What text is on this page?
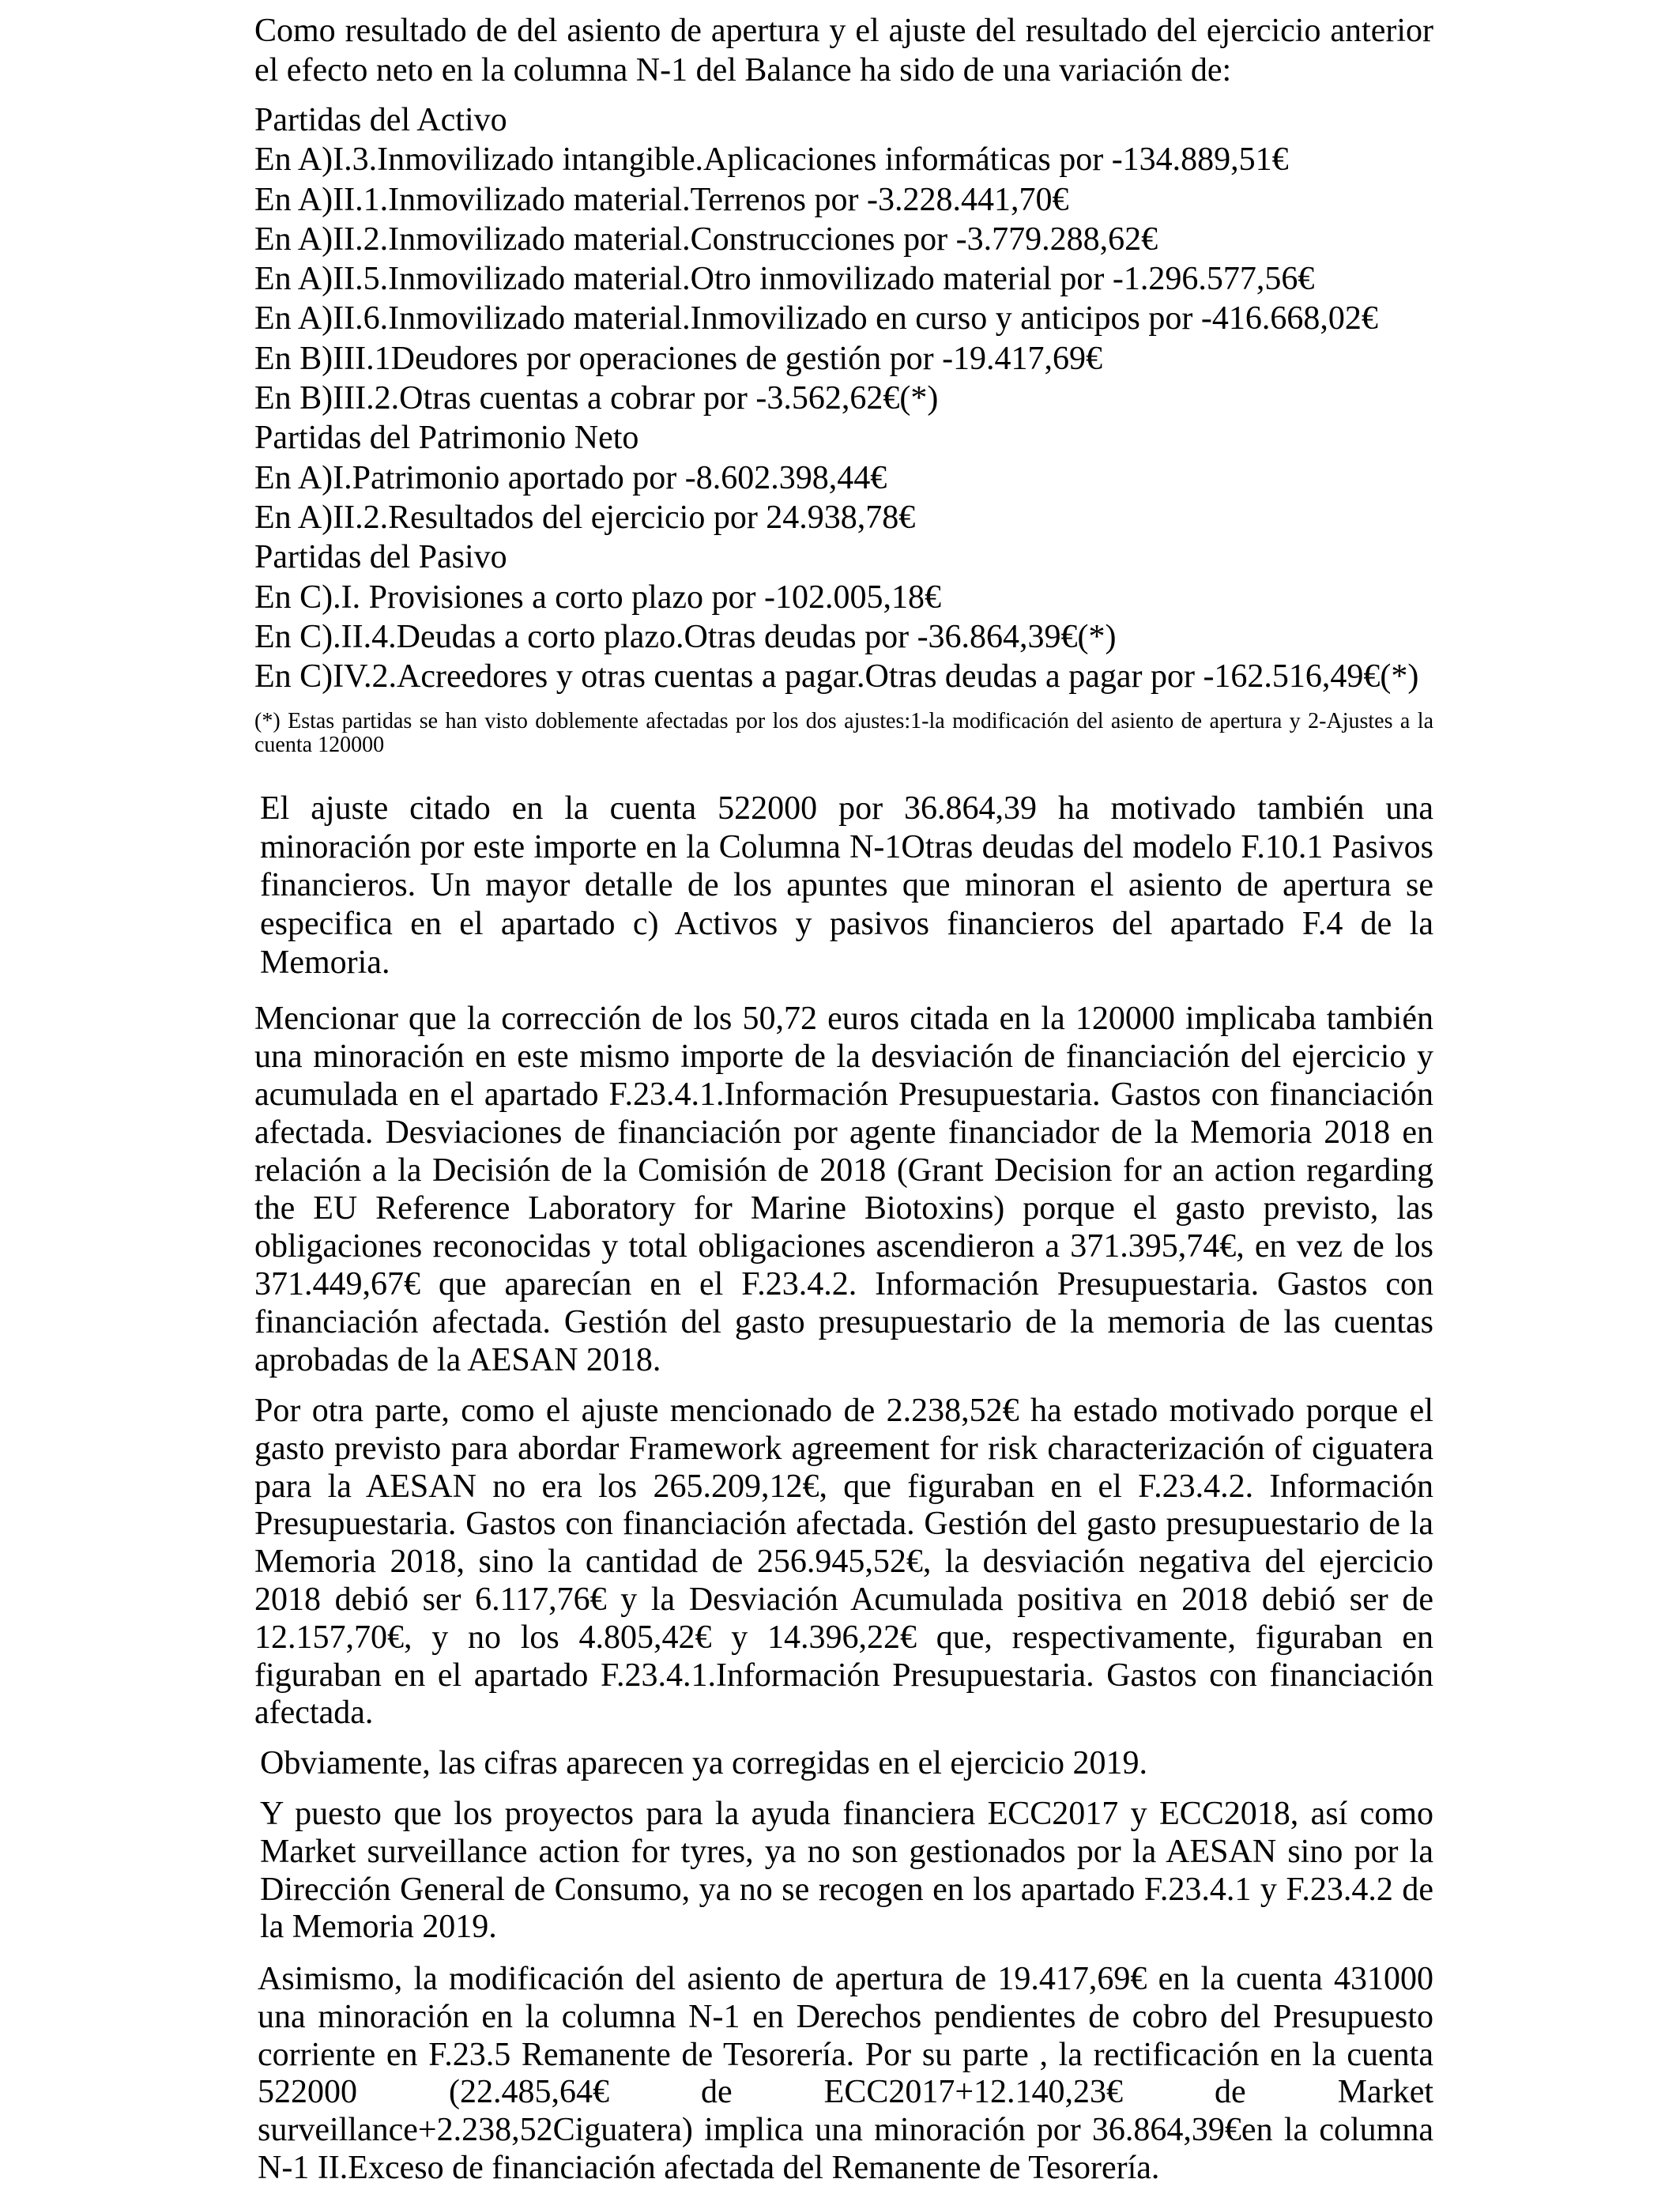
Como resultado de del asiento de apertura y el ajuste del resultado del ejercicio anterior
el efecto neto en la columna N-1 del Balance ha sido de una variación de:
Partidas del Activo
En A)I.3.Inmovilizado intangible.Aplicaciones informáticas por -134.889,51€
En A)II.1.Inmovilizado material.Terrenos por -3.228.441,70€
En A)II.2.Inmovilizado material.Construcciones por -3.779.288,62€
En A)II.5.Inmovilizado material.Otro inmovilizado material por -1.296.577,56€
En A)II.6.Inmovilizado material.Inmovilizado en curso y anticipos por -416.668,02€
En B)III.1Deudores por operaciones de gestión por -19.417,69€
En B)III.2.Otras cuentas a cobrar por -3.562,62€(*)
Partidas del Patrimonio Neto
En A)I.Patrimonio aportado por -8.602.398,44€
En A)II.2.Resultados del ejercicio por 24.938,78€
Partidas del Pasivo
En C).I. Provisiones a corto plazo por -102.005,18€
En C).II.4.Deudas a corto plazo.Otras deudas por -36.864,39€(*)
En C)IV.2.Acreedores y otras cuentas a pagar.Otras deudas a pagar por -162.516,49€(*)
(*) Estas partidas se han visto doblemente afectadas por los dos ajustes:1-la modificación del asiento de apertura y 2-Ajustes a la
cuenta 120000
El ajuste citado en la cuenta 522000 por 36.864,39 ha motivado también una
minoración por este importe en la Columna N-1Otras deudas del modelo F.10.1 Pasivos
financieros. Un mayor detalle de los apuntes que minoran el asiento de apertura se
especifica en el apartado c) Activos y pasivos financieros del apartado F.4 de la
Memoria.
Mencionar que la corrección de los 50,72 euros citada en la 120000 implicaba también
una minoración en este mismo importe de la desviación de financiación del ejercicio y
acumulada en el apartado F.23.4.1.Información Presupuestaria. Gastos con financiación
afectada. Desviaciones de financiación por agente financiador de la Memoria 2018 en
relación a la Decisión de la Comisión de 2018 (Grant Decision for an action regarding
the EU Reference Laboratory for Marine Biotoxins) porque el gasto previsto, las
obligaciones reconocidas y total obligaciones ascendieron a 371.395,74€, en vez de los
371.449,67€ que aparecían en el F.23.4.2. Información Presupuestaria. Gastos con
financiación afectada. Gestión del gasto presupuestario de la memoria de las cuentas
aprobadas de la AESAN 2018.
Por otra parte, como el ajuste mencionado de 2.238,52€ ha estado motivado porque el
gasto previsto para abordar Framework agreement for risk characterización of ciguatera
para la AESAN no era los 265.209,12€, que figuraban en el F.23.4.2. Información
Presupuestaria. Gastos con financiación afectada. Gestión del gasto presupuestario de la
Memoria 2018, sino la cantidad de 256.945,52€, la desviación negativa del ejercicio
2018 debió ser 6.117,76€ y la Desviación Acumulada positiva en 2018 debió ser de
12.157,70€, y no los 4.805,42€ y 14.396,22€ que, respectivamente, figuraban en
figuraban en el apartado F.23.4.1.Información Presupuestaria. Gastos con financiación
afectada.
Obviamente, las cifras aparecen ya corregidas en el ejercicio 2019.
Y puesto que los proyectos para la ayuda financiera ECC2017 y ECC2018, así como
Market surveillance action for tyres, ya no son gestionados por la AESAN sino por la
Dirección General de Consumo, ya no se recogen en los apartado F.23.4.1 y F.23.4.2 de
la Memoria 2019.
Asimismo, la modificación del asiento de apertura de 19.417,69€ en la cuenta 431000
una minoración en la columna N-1 en Derechos pendientes de cobro del Presupuesto
corriente en F.23.5 Remanente de Tesorería. Por su parte , la rectificación en la cuenta
522000 (22.485,64€ de ECC2017+12.140,23€ de Market
surveillance+2.238,52Ciguatera) implica una minoración por 36.864,39€en la columna
N-1 II.Exceso de financiación afectada del Remanente de Tesorería.
